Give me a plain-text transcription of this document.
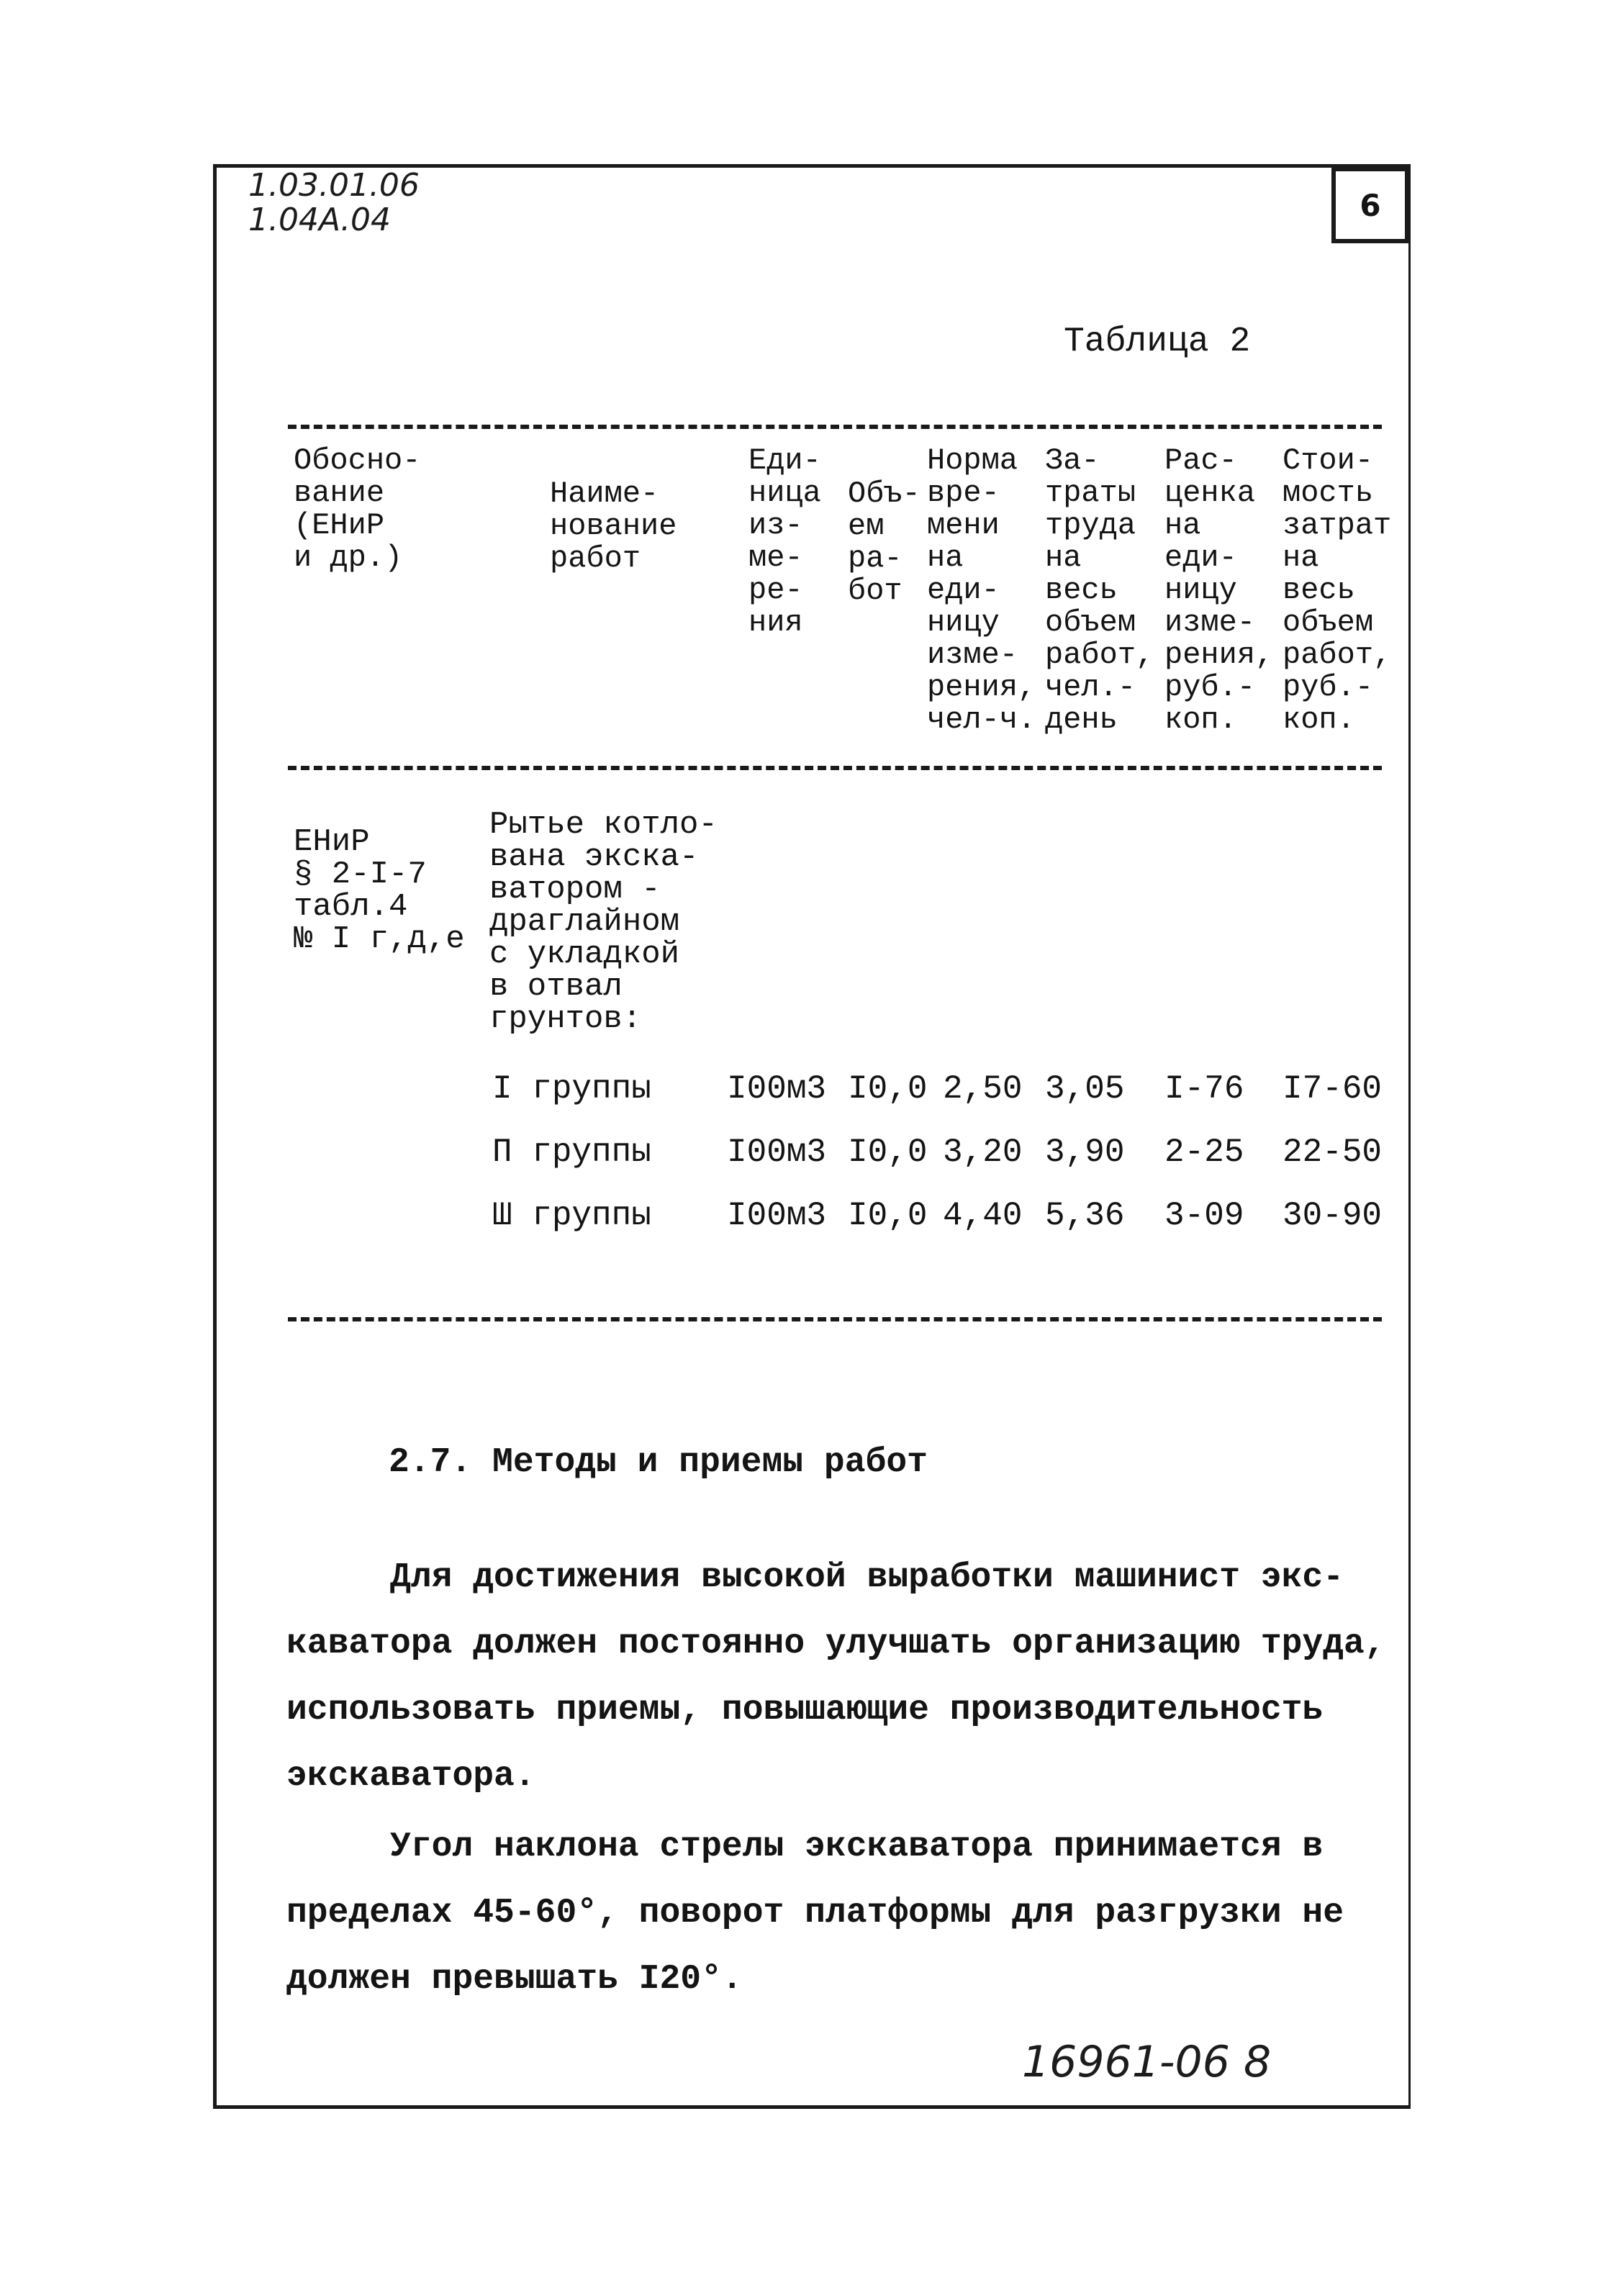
1.03.01.06
1.04А.04	6
Таблица 2
Обосно-
вание
(ЕНиР
и др.)
Наиме-
нование
работ
Еди-
ница
из-
ме-
ре-
ния
Объ-
ем
ра-
бот
Норма
вре-
мени
на
еди-
ницу
изме-
рения,
чел-ч.
За-
траты
труда
на
весь
объем
работ,
чел.-
день
Рас-
ценка
на
еди-
ницу
изме-
рения,
руб.-
коп.
Стои-
мость
затрат
на
весь
объем
работ,
руб.-
коп.
ЕНиР
§ 2-I-7
табл.4
№ I г,д,е
Рытье котло-
вана экска-
ватором -
драглайном
с укладкой
в отвал
грунтов:
I группы I00м3 I0,0 2,50 3,05 I-76 I7-60
П группы I00м3 I0,0 3,20 3,90 2-25 22-50
Ш группы I00м3 I0,0 4,40 5,36 3-09 30-90
2.7. Методы и приемы работ
Для достижения высокой выработки машинист экс-
каватора должен постоянно улучшать организацию труда,
использовать приемы, повышающие производительность
экскаватора.
Угол наклона стрелы экскаватора принимается в
пределах 45-60°, поворот платформы для разгрузки не
должен превышать I20°.
16961-06 8
